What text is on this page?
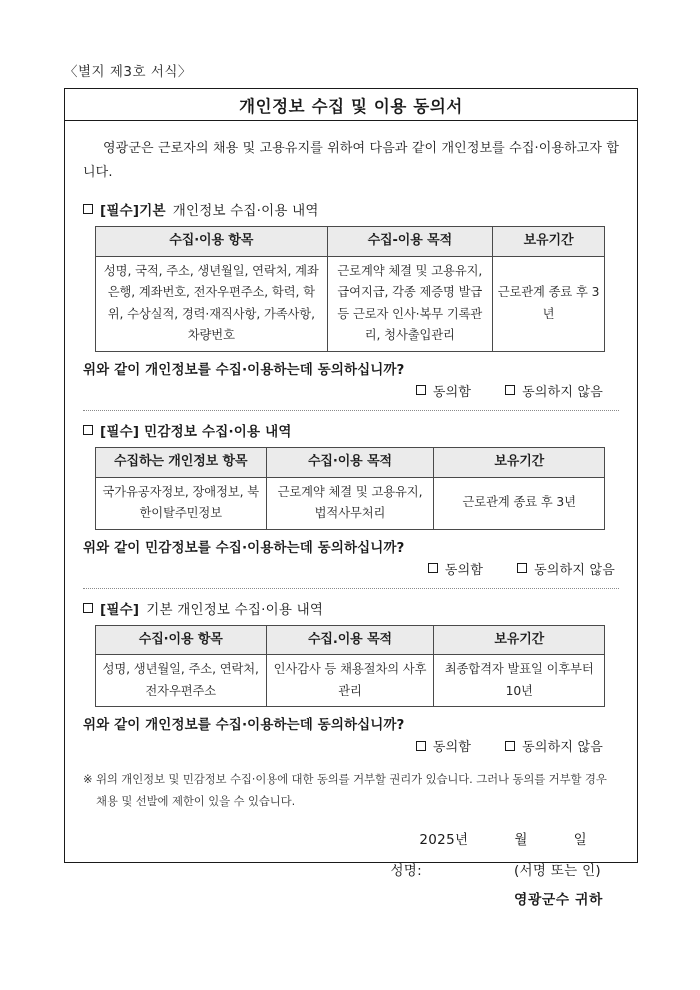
〈별지 제3호 서식〉
개인정보 수집 및 이용 동의서

영광군은 근로자의 채용 및 고용유지를 위하여 다음과 같이 개인정보를 수집·이용하고자 합니다.

[필수]기본 개인정보 수집·이용 내역
수집·이용 항목	수집-이용 목적	보유기간
성명, 국적, 주소, 생년월일, 연락처, 계좌은행, 계좌번호, 전자우편주소, 학력, 학위, 수상실적, 경력·재직사항, 가족사항, 차량번호	근로계약 체결 및 고용유지, 급여지급, 각종 제증명 발급 등 근로자 인사·복무 기록관리, 청사출입관리	근로관계 종료 후 3년
위와 같이 개인정보를 수집·이용하는데 동의하십니까?
동의함	동의하지 않음
[필수] 민감정보 수집·이용 내역
수집하는 개인정보 항목	수집·이용 목적	보유기간
국가유공자정보, 장애정보, 북한이탈주민정보	근로계약 체결 및 고용유지, 법적사무처리	근로관계 종료 후 3년
위와 같이 민감정보를 수집·이용하는데 동의하십니까?
동의함	동의하지 않음
[필수] 기본 개인정보 수집·이용 내역
수집·이용 항목	수집.이용 목적	보유기간
성명, 생년월일, 주소, 연락처, 전자우편주소	인사감사 등 채용절차의 사후관리	최종합격자 발표일 이후부터 10년
위와 같이 개인정보를 수집·이용하는데 동의하십니까?
동의함	동의하지 않음
※ 위의 개인정보 및 민감정보 수집·이용에 대한 동의를 거부할 권리가 있습니다. 그러나 동의를 거부할 경우
채용 및 선발에 제한이 있을 수 있습니다.
2025년	월	일
성명:	(서명 또는 인)
영광군수 귀하
